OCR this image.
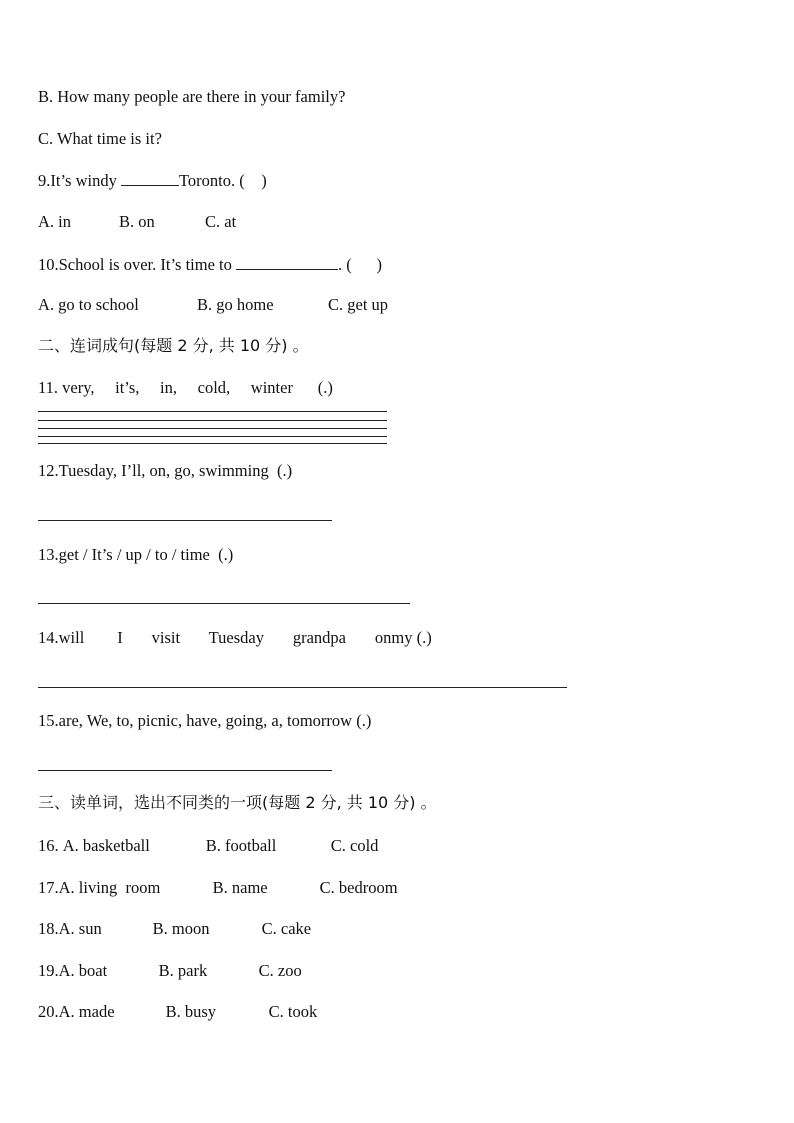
B. How many people are there in your family?
C. What time is it?
9.It’s windy	Toronto. (    )
A. in	B. on	C. at
10.School is over. It’s time to	. (      )
A. go to school	B. go home	C. get up
二、连词成句(每题 2 分, 共 10 分) 。
11. very,     it’s,     in,     cold,     winter      (.)
12.Tuesday, I’ll, on, go, swimming  (.)
13.get / It’s / up / to / time  (.)
14.will        I       visit       Tuesday       grandpa       onmy (.)
15.are, We, to, picnic, have, going, a, tomorrow (.)
三、读单词，选出不同类的一项(每题 2 分, 共 10 分) 。
16. A. basketball	B. football	C. cold
17.A. living  room	B. name	C. bedroom
18.A. sun	B. moon	C. cake
19.A. boat	B. park	C. zoo
20.A. made	B. busy	C. took
